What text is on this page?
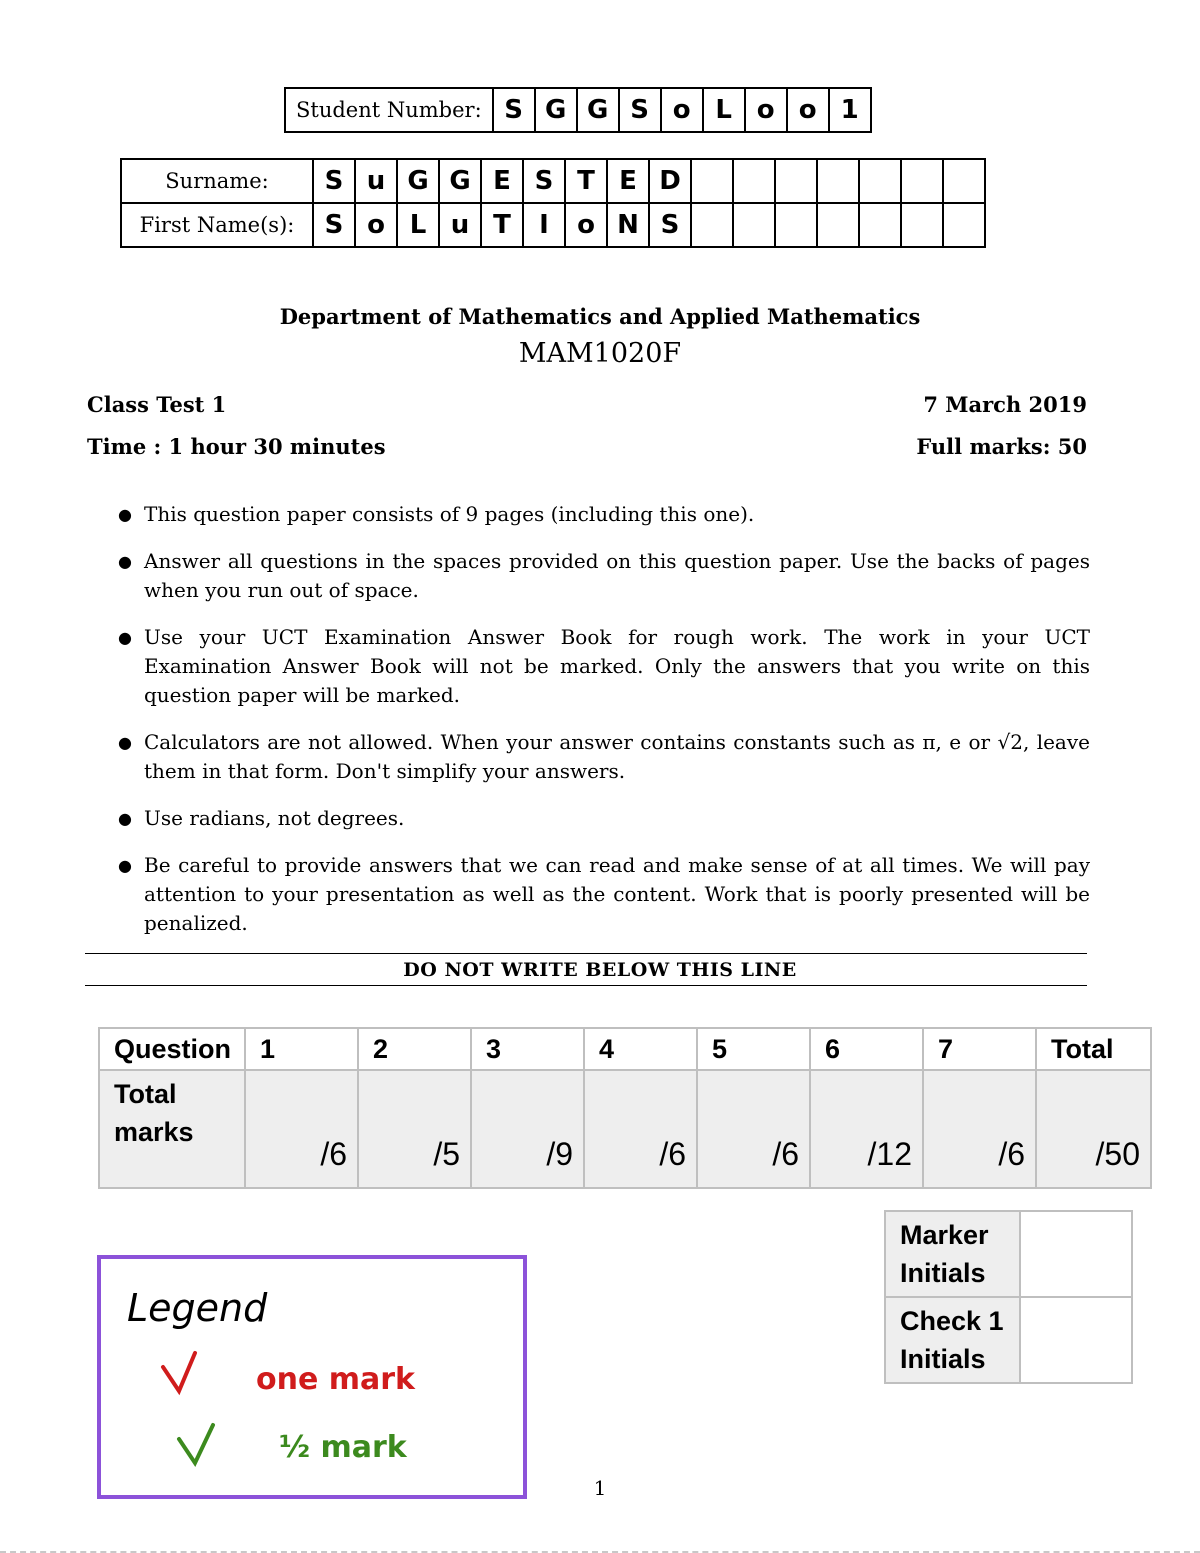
Student Number:	S	G	G	S	o	L	o	o	1
Surname:	S	u	G	G	E	S	T	E	D							
First Name(s):	S	o	L	u	T	I	o	N	S							
Department of Mathematics and Applied Mathematics
MAM1020F
Class Test 1	7 March 2019
Time : 1 hour 30 minutes	Full marks: 50
● This question paper consists of 9 pages (including this one).
● Answer all questions in the spaces provided on this question paper. Use the backs of pages when you run out of space.
● Use your UCT Examination Answer Book for rough work. The work in your UCT Examination Answer Book will not be marked. Only the answers that you write on this question paper will be marked.
● Calculators are not allowed. When your answer contains constants such as π, e or √2, leave them in that form. Don't simplify your answers.
● Use radians, not degrees.
● Be careful to provide answers that we can read and make sense of at all times. We will pay attention to your presentation as well as the content. Work that is poorly presented will be penalized.
DO NOT WRITE BELOW THIS LINE
Question	1	2	3	4	5	6	7	Total
Total marks	/6	/5	/9	/6	/6	/12	/6	/50
Marker Initials	
Check 1 Initials	
Legend
one mark
½ mark
1
